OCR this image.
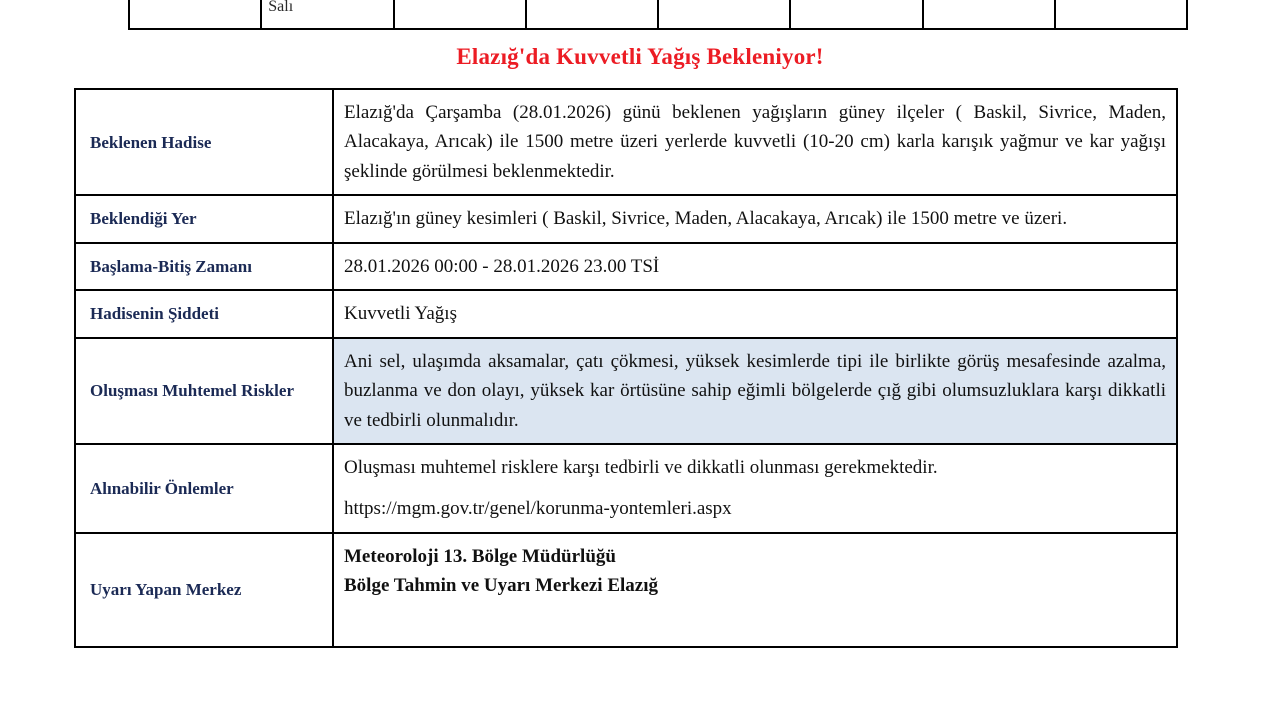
Salı

Elazığ'da Kuvvetli Yağış Bekleniyor!
Beklenen Hadise	Elazığ'da Çarşamba (28.01.2026) günü beklenen yağışların güney ilçeler ( Baskil, Sivrice, Maden, Alacakaya, Arıcak) ile 1500 metre üzeri yerlerde kuvvetli (10-20 cm) karla karışık yağmur ve kar yağışı şeklinde görülmesi beklenmektedir.
Beklendiği Yer	Elazığ'ın güney kesimleri ( Baskil, Sivrice, Maden, Alacakaya, Arıcak) ile 1500 metre ve üzeri.
Başlama-Bitiş Zamanı	28.01.2026 00:00 - 28.01.2026 23.00 TSİ
Hadisenin Şiddeti	Kuvvetli Yağış
Oluşması Muhtemel Riskler	Ani sel, ulaşımda aksamalar, çatı çökmesi, yüksek kesimlerde tipi ile birlikte görüş mesafesinde azalma, buzlanma ve don olayı, yüksek kar örtüsüne sahip eğimli bölgelerde çığ gibi olumsuzluklara karşı dikkatli ve tedbirli olunmalıdır.
Alınabilir Önlemler	Oluşması muhtemel risklere karşı tedbirli ve dikkatli olunması gerekmektedir.
https://mgm.gov.tr/genel/korunma-yontemleri.aspx

Uyarı Yapan Merkez	Meteoroloji 13. Bölge Müdürlüğü
Bölge Tahmin ve Uyarı Merkezi Elazığ
